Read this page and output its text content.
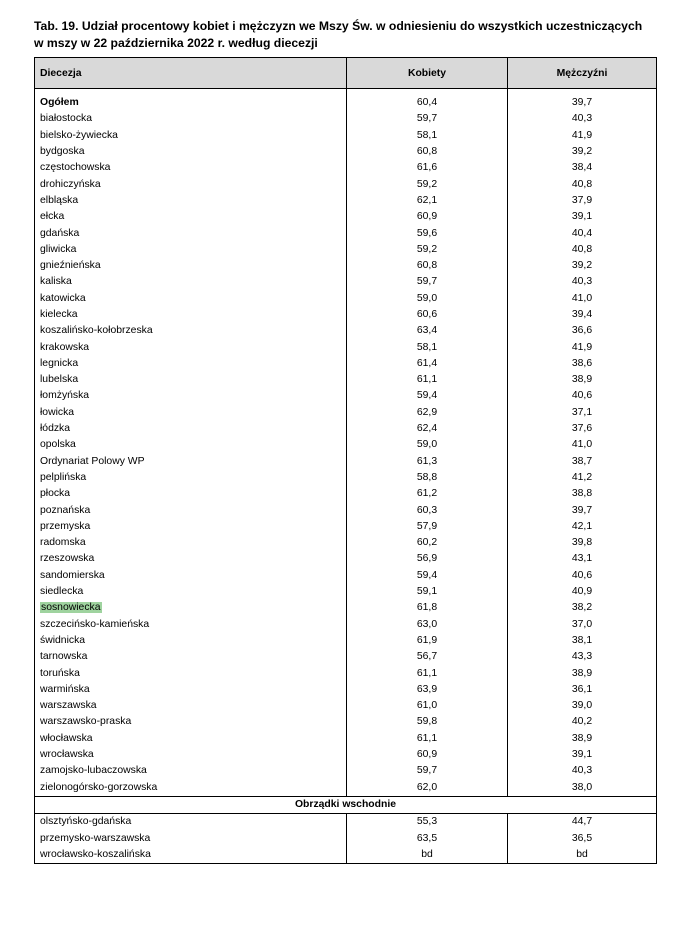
Tab. 19. Udział procentowy kobiet i mężczyzn we Mszy Św. w odniesieniu do wszystkich uczestniczących w mszy w 22 października 2022 r. według diecezji
Diecezja	Kobiety	Mężczyźni

Ogółem	60,4	39,7
białostocka	59,7	40,3
bielsko-żywiecka	58,1	41,9
bydgoska	60,8	39,2
częstochowska	61,6	38,4
drohiczyńska	59,2	40,8
elbląska	62,1	37,9
ełcka	60,9	39,1
gdańska	59,6	40,4
gliwicka	59,2	40,8
gnieźnieńska	60,8	39,2
kaliska	59,7	40,3
katowicka	59,0	41,0
kielecka	60,6	39,4
koszalińsko-kołobrzeska	63,4	36,6
krakowska	58,1	41,9
legnicka	61,4	38,6
lubelska	61,1	38,9
łomżyńska	59,4	40,6
łowicka	62,9	37,1
łódzka	62,4	37,6
opolska	59,0	41,0
Ordynariat Polowy WP	61,3	38,7
pelplińska	58,8	41,2
płocka	61,2	38,8
poznańska	60,3	39,7
przemyska	57,9	42,1
radomska	60,2	39,8
rzeszowska	56,9	43,1
sandomierska	59,4	40,6
siedlecka	59,1	40,9
sosnowiecka	61,8	38,2
szczecińsko-kamieńska	63,0	37,0
świdnicka	61,9	38,1
tarnowska	56,7	43,3
toruńska	61,1	38,9
warmińska	63,9	36,1
warszawska	61,0	39,0
warszawsko-praska	59,8	40,2
włocławska	61,1	38,9
wrocławska	60,9	39,1
zamojsko-lubaczowska	59,7	40,3
zielonogórsko-gorzowska	62,0	38,0
Obrządki wschodnie		
olsztyńsko-gdańska	55,3	44,7
przemysko-warszawska	63,5	36,5
wrocławsko-koszalińska	bd	bd
